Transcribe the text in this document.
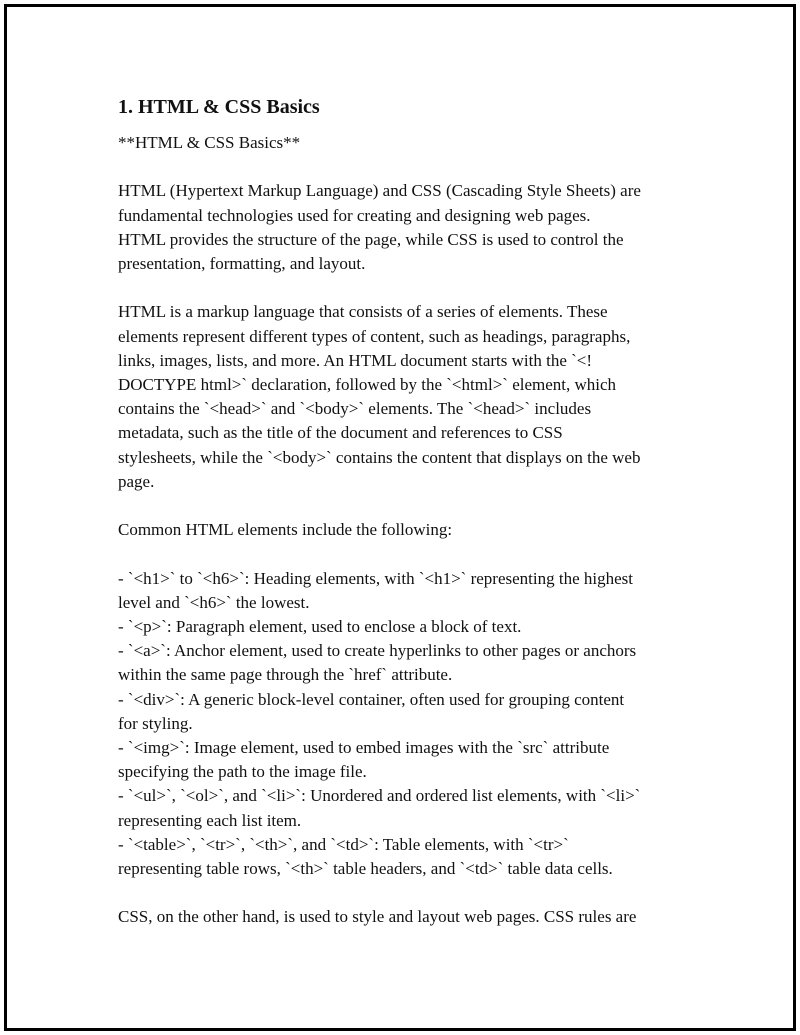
1. HTML & CSS Basics
**HTML & CSS Basics**
HTML (Hypertext Markup Language) and CSS (Cascading Style Sheets) are
fundamental technologies used for creating and designing web pages.
HTML provides the structure of the page, while CSS is used to control the
presentation, formatting, and layout.
HTML is a markup language that consists of a series of elements. These
elements represent different types of content, such as headings, paragraphs,
links, images, lists, and more. An HTML document starts with the `<!
DOCTYPE html>` declaration, followed by the `<html>` element, which
contains the `<head>` and `<body>` elements. The `<head>` includes
metadata, such as the title of the document and references to CSS
stylesheets, while the `<body>` contains the content that displays on the web
page.
Common HTML elements include the following:
- `<h1>` to `<h6>`: Heading elements, with `<h1>` representing the highest
level and `<h6>` the lowest.
- `<p>`: Paragraph element, used to enclose a block of text.
- `<a>`: Anchor element, used to create hyperlinks to other pages or anchors
within the same page through the `href` attribute.
- `<div>`: A generic block-level container, often used for grouping content
for styling.
- `<img>`: Image element, used to embed images with the `src` attribute
specifying the path to the image file.
- `<ul>`, `<ol>`, and `<li>`: Unordered and ordered list elements, with `<li>`
representing each list item.
- `<table>`, `<tr>`, `<th>`, and `<td>`: Table elements, with `<tr>`
representing table rows, `<th>` table headers, and `<td>` table data cells.
CSS, on the other hand, is used to style and layout web pages. CSS rules are
